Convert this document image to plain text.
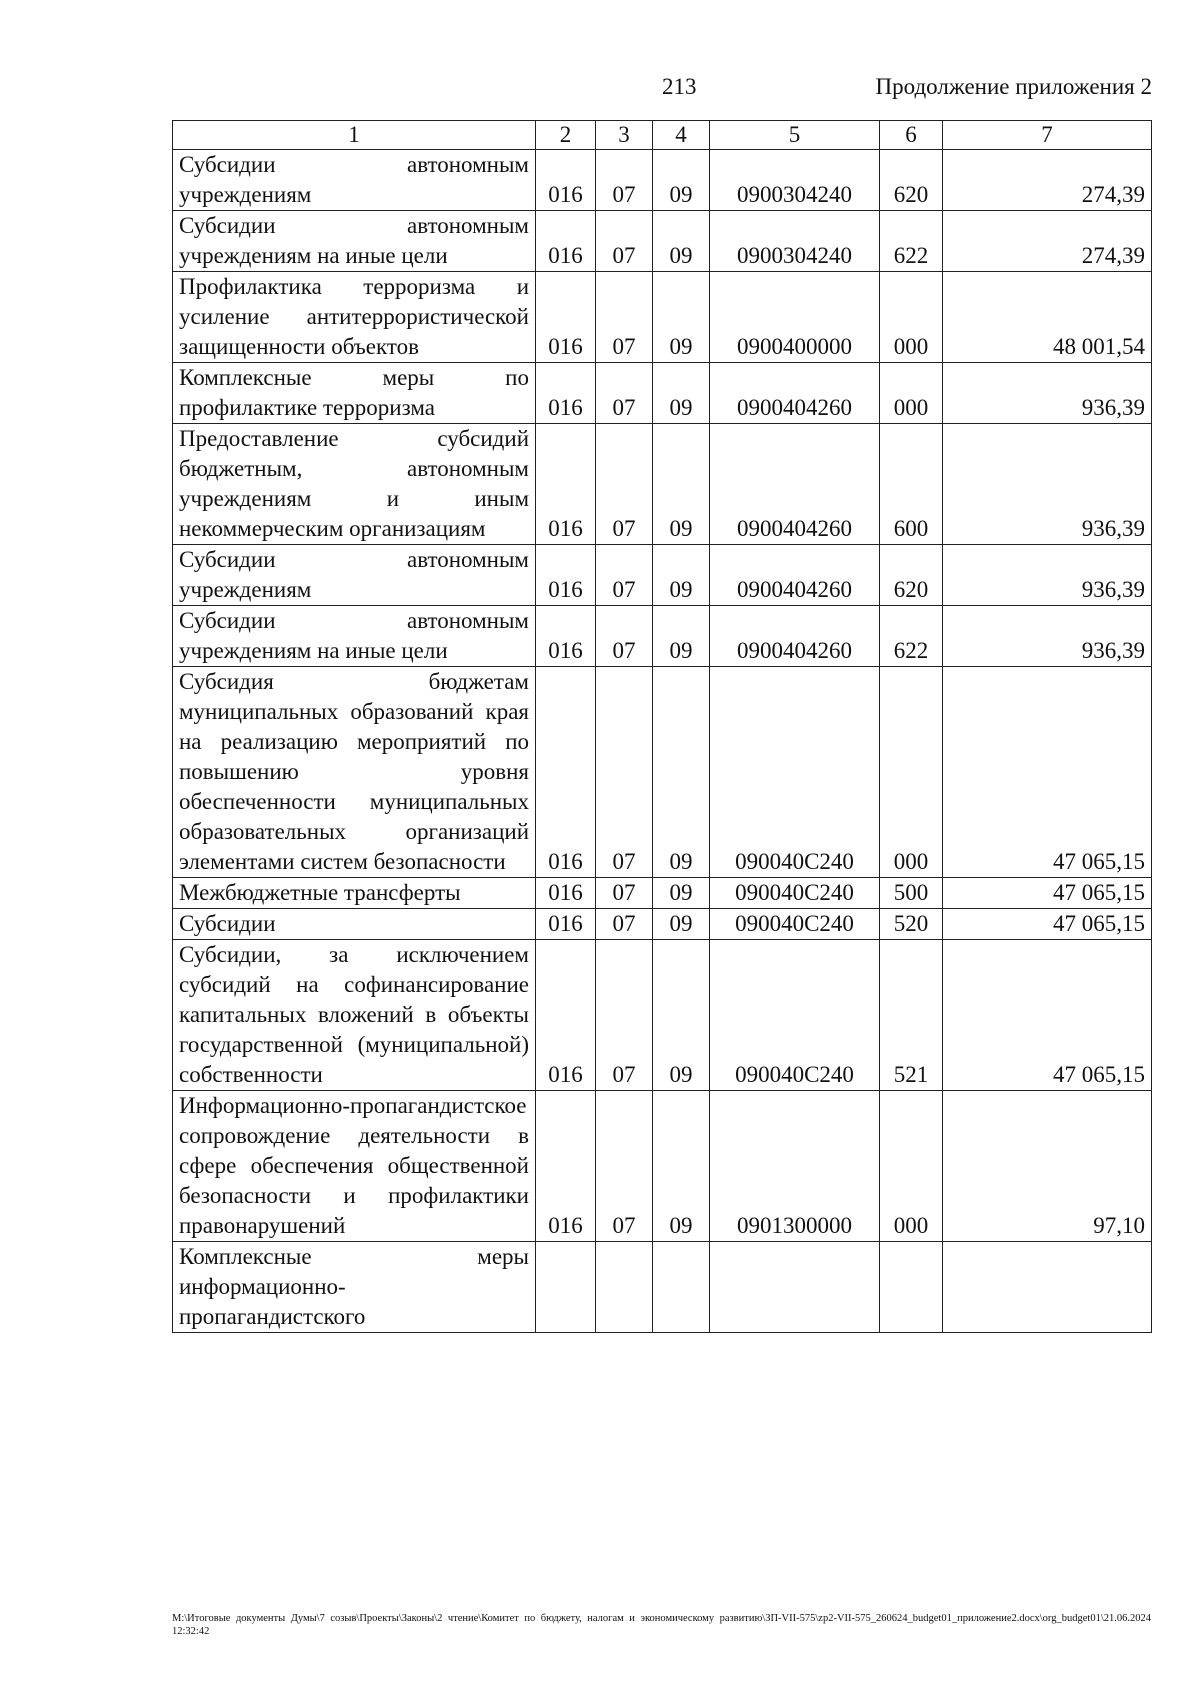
213	Продолжение приложения 2
1	2	3	4	5	6	7
Субсидии автономным учреждениям	016	07	09	0900304240	620	274,39
Субсидии автономным учреждениям на иные цели	016	07	09	0900304240	622	274,39
Профилактика терроризма и усиление антитеррористической защищенности объектов	016	07	09	0900400000	000	48 001,54
Комплексные меры по профилактике терроризма	016	07	09	0900404260	000	936,39
Предоставление субсидий бюджетным, автономным учреждениям и иным некоммерческим организациям	016	07	09	0900404260	600	936,39
Субсидии автономным учреждениям	016	07	09	0900404260	620	936,39
Субсидии автономным учреждениям на иные цели	016	07	09	0900404260	622	936,39
Субсидия бюджетам муниципальных образований края на реализацию мероприятий по повышению уровня обеспеченности муниципальных образовательных организаций элементами систем безопасности	016	07	09	090040С240	000	47 065,15
Межбюджетные трансферты	016	07	09	090040С240	500	47 065,15
Субсидии	016	07	09	090040С240	520	47 065,15
Субсидии, за исключением субсидий на софинансирование капитальных вложений в объекты государственной (муниципальной) собственности	016	07	09	090040С240	521	47 065,15
Информационно-пропагандистское сопровождение деятельности в сфере обеспечения общественной безопасности и профилактики правонарушений	016	07	09	0901300000	000	97,10
Комплексные меры информационно-пропагандистского						
M:\Итоговые документы Думы\7 созыв\Проекты\Законы\2 чтение\Комитет по бюджету, налогам и экономическому развитию\ЗП-VII-575\zp2-VII-575_260624_budget01_приложение2.docx\org_budget01\21.06.2024 12:32:42
